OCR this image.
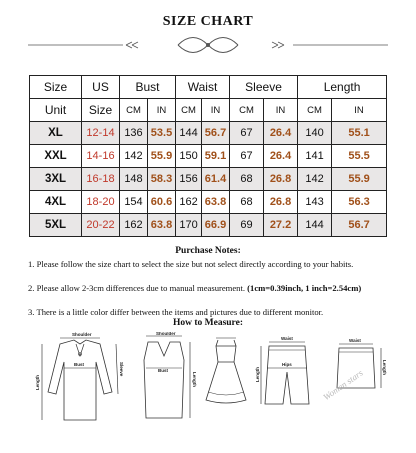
SIZE CHART
Size	US	Bust		Waist		Sleeve		Length	
Unit	Size	CM	IN	CM	IN	CM	IN	CM	IN
XL	12-14	136	53.5	144	56.7	67	26.4	140	55.1
XXL	14-16	142	55.9	150	59.1	67	26.4	141	55.5
3XL	16-18	148	58.3	156	61.4	68	26.8	142	55.9
4XL	18-20	154	60.6	162	63.8	68	26.8	143	56.3
5XL	20-22	162	63.8	170	66.9	69	27.2	144	56.7
Purchase Notes:
1. Please follow the size chart to select the size but not select directly according to your habits.
2. Please allow 2-3cm differences due to manual measurement. (1cm=0.39inch, 1 inch=2.54cm)
3. There is a little color differ between the items and pictures due to different monitor.
How to Measure:
Shoulder
Bust
Length
Sleeve
Shoulder
Bust
Length
Waist
Hips
Length
Waist
Length
Women stars
